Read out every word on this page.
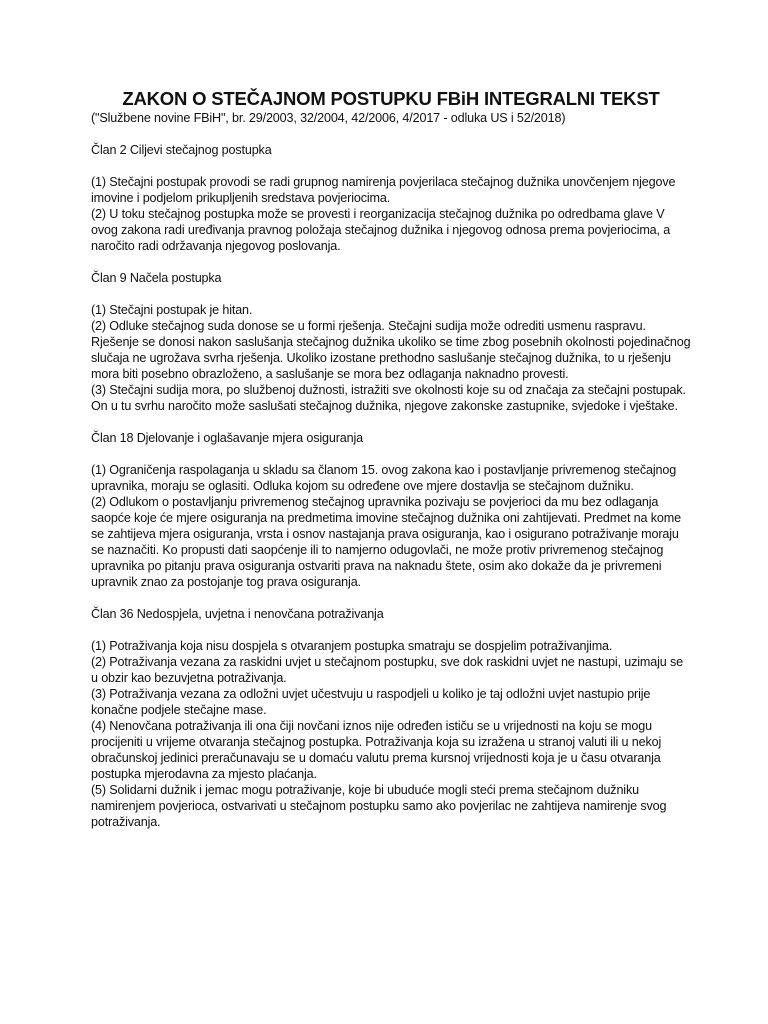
ZAKON O STEČAJNOM POSTUPKU FBiH INTEGRALNI TEKST

("Službene novine FBiH", br. 29/2003, 32/2004, 42/2006, 4/2017 - odluka US i 52/2018)

Član 2 Ciljevi stečajnog postupka

(1) Stečajni postupak provodi se radi grupnog namirenja povjerilaca stečajnog dužnika unovčenjem njegove imovine i podjelom prikupljenih sredstava povjeriocima.

(2) U toku stečajnog postupka može se provesti i reorganizacija stečajnog dužnika po odredbama glave V ovog zakona radi uređivanja pravnog položaja stečajnog dužnika i njegovog odnosa prema povjeriocima, a naročito radi održavanja njegovog poslovanja.

Član 9 Načela postupka

(1) Stečajni postupak je hitan.

(2) Odluke stečajnog suda donose se u formi rješenja. Stečajni sudija može odrediti usmenu raspravu. Rješenje se donosi nakon saslušanja stečajnog dužnika ukoliko se time zbog posebnih okolnosti pojedinačnog slučaja ne ugrožava svrha rješenja. Ukoliko izostane prethodno saslušanje stečajnog dužnika, to u rješenju mora biti posebno obrazloženo, a saslušanje se mora bez odlaganja naknadno provesti.

(3) Stečajni sudija mora, po službenoj dužnosti, istražiti sve okolnosti koje su od značaja za stečajni postupak. On u tu svrhu naročito može saslušati stečajnog dužnika, njegove zakonske zastupnike, svjedoke i vještake.

Član 18 Djelovanje i oglašavanje mjera osiguranja

(1) Ograničenja raspolaganja u skladu sa članom 15. ovog zakona kao i postavljanje privremenog stečajnog upravnika, moraju se oglasiti. Odluka kojom su određene ove mjere dostavlja se stečajnom dužniku.

(2) Odlukom o postavljanju privremenog stečajnog upravnika pozivaju se povjerioci da mu bez odlaganja saopće koje će mjere osiguranja na predmetima imovine stečajnog dužnika oni zahtijevati. Predmet na kome se zahtijeva mjera osiguranja, vrsta i osnov nastajanja prava osiguranja, kao i osigurano potraživanje moraju se naznačiti. Ko propusti dati saopćenje ili to namjerno odugovlači, ne može protiv privremenog stečajnog upravnika po pitanju prava osiguranja ostvariti prava na naknadu štete, osim ako dokaže da je privremeni upravnik znao za postojanje tog prava osiguranja.

Član 36 Nedospjela, uvjetna i nenovčana potraživanja

(1) Potraživanja koja nisu dospjela s otvaranjem postupka smatraju se dospjelim potraživanjima.

(2) Potraživanja vezana za raskidni uvjet u stečajnom postupku, sve dok raskidni uvjet ne nastupi, uzimaju se u obzir kao bezuvjetna potraživanja.

(3) Potraživanja vezana za odložni uvjet učestvuju u raspodjeli u koliko je taj odložni uvjet nastupio prije konačne podjele stečajne mase.

(4) Nenovčana potraživanja ili ona čiji novčani iznos nije određen ističu se u vrijednosti na koju se mogu procijeniti u vrijeme otvaranja stečajnog postupka. Potraživanja koja su izražena u stranoj valuti ili u nekoj obračunskoj jedinici preračunavaju se u domaću valutu prema kursnoj vrijednosti koja je u času otvaranja postupka mjerodavna za mjesto plaćanja.

(5) Solidarni dužnik i jemac mogu potraživanje, koje bi ubuduće mogli steći prema stečajnom dužniku namirenjem povjerioca, ostvarivati u stečajnom postupku samo ako povjerilac ne zahtijeva namirenje svog potraživanja.
